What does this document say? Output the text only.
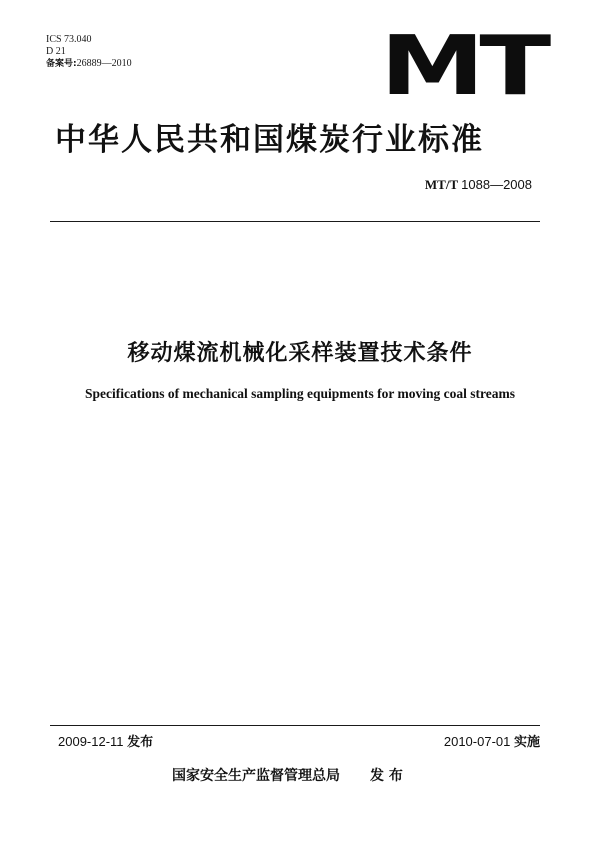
ICS 73.040
D 21
备案号:26889—2010	MT
中华人民共和国煤炭行业标准
MT/T 1088—2008
移动煤流机械化采样装置技术条件
Specifications of mechanical sampling equipments for moving coal streams
2009-12-11 发布	2010-07-01 实施
国家安全生产监督管理总局 发 布
